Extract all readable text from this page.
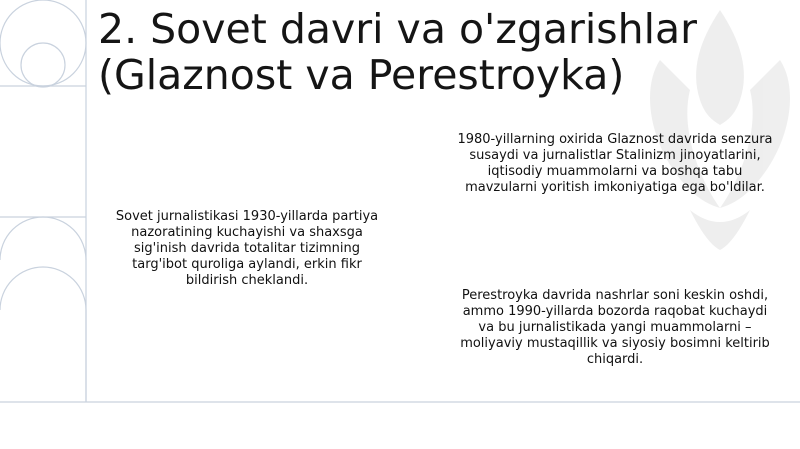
2. Sovet davri va o'zgarishlar
(Glaznost va Perestroyka)
Sovet jurnalistikasi 1930-yillarda partiya
nazoratining kuchayishi va shaxsga
sig'inish davrida totalitar tizimning
targ'ibot quroliga aylandi, erkin fikr
bildirish cheklandi.
1980-yillarning oxirida Glaznost davrida senzura
susaydi va jurnalistlar Stalinizm jinoyatlarini,
iqtisodiy muammolarni va boshqa tabu
mavzularni yoritish imkoniyatiga ega bo'ldilar.
Perestroyka davrida nashrlar soni keskin oshdi,
ammo 1990-yillarda bozorda raqobat kuchaydi
va bu jurnalistikada yangi muammolarni –
moliyaviy mustaqillik va siyosiy bosimni keltirib
chiqardi.
